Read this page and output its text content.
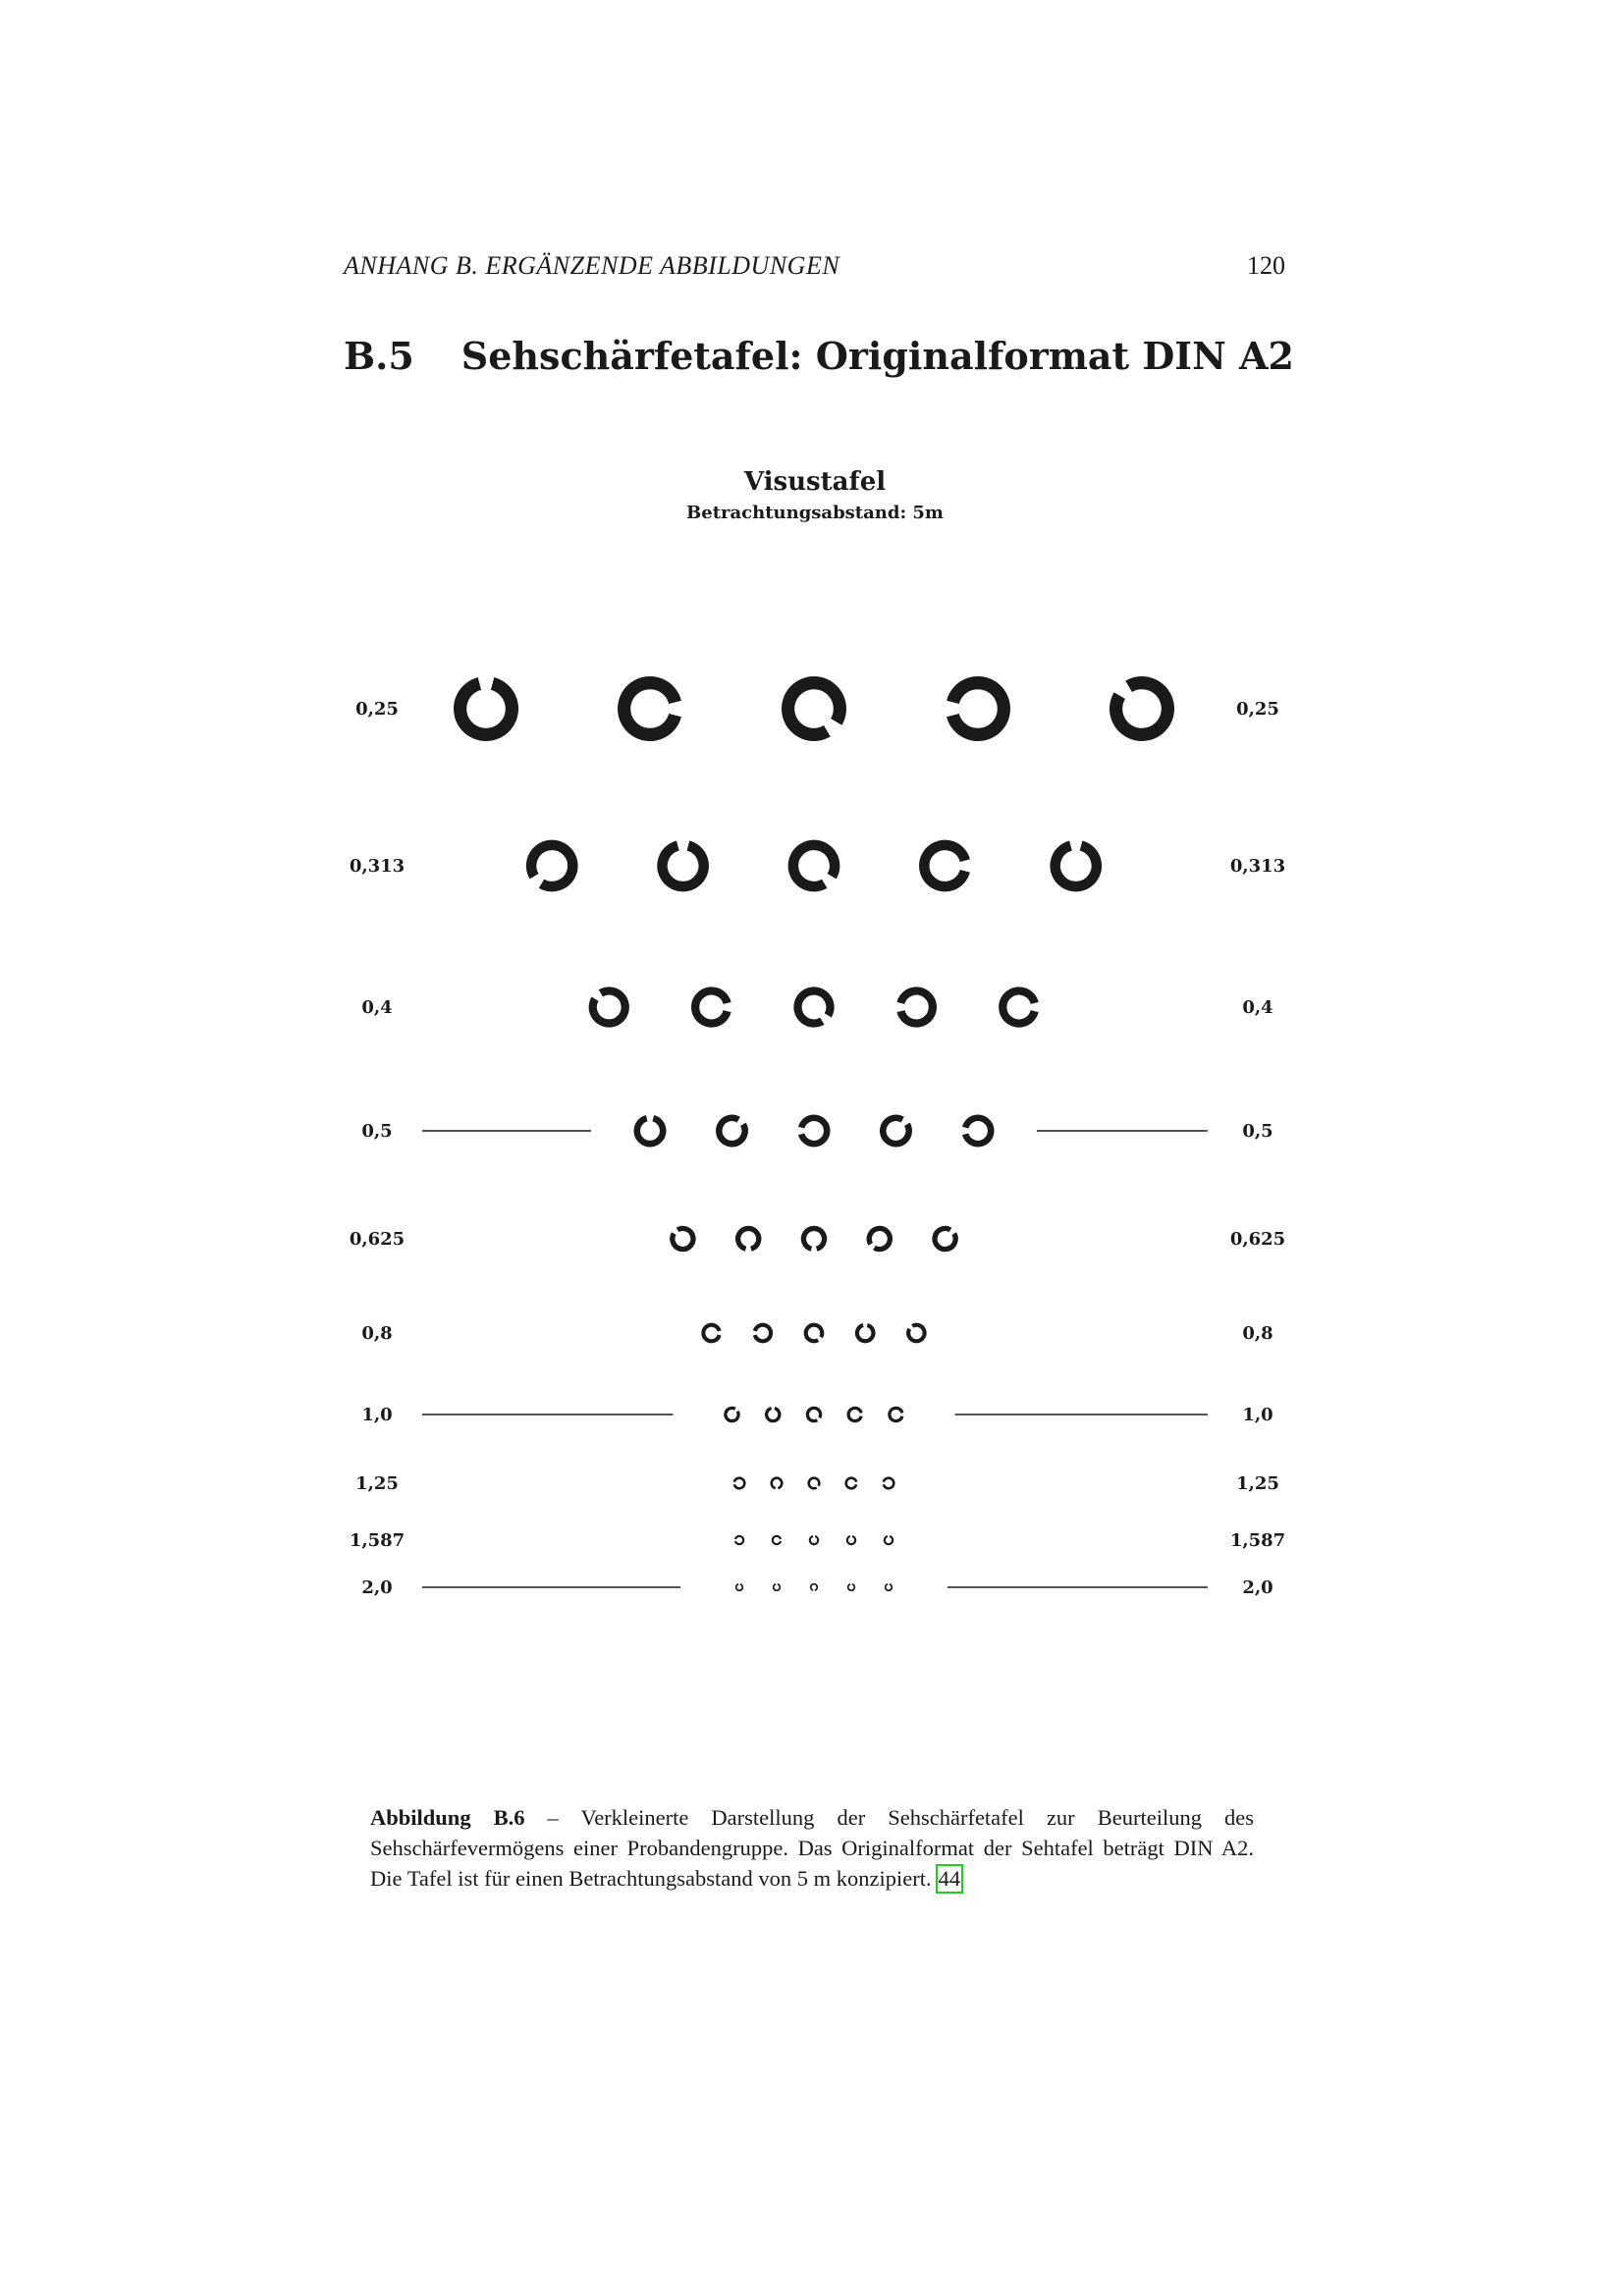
ANHANG B. ERGÄNZENDE ABBILDUNGEN	120
B.5 Sehschärfetafel: Originalformat DIN A2
Visustafel
Betrachtungsabstand: 5m
0,25	0,25
0,313	0,313
0,4	0,4
0,5	0,5
0,625	0,625
0,8	0,8
1,0	1,0
1,25	1,25
1,587	1,587
2,0	2,0
Abbildung B.6 – Verkleinerte Darstellung der Sehschärfetafel zur Beurteilung des Sehschärfevermögens einer Probandengruppe. Das Originalformat der Sehtafel beträgt DIN A2. Die Tafel ist für einen Betrachtungsabstand von 5 m konzipiert. 44
